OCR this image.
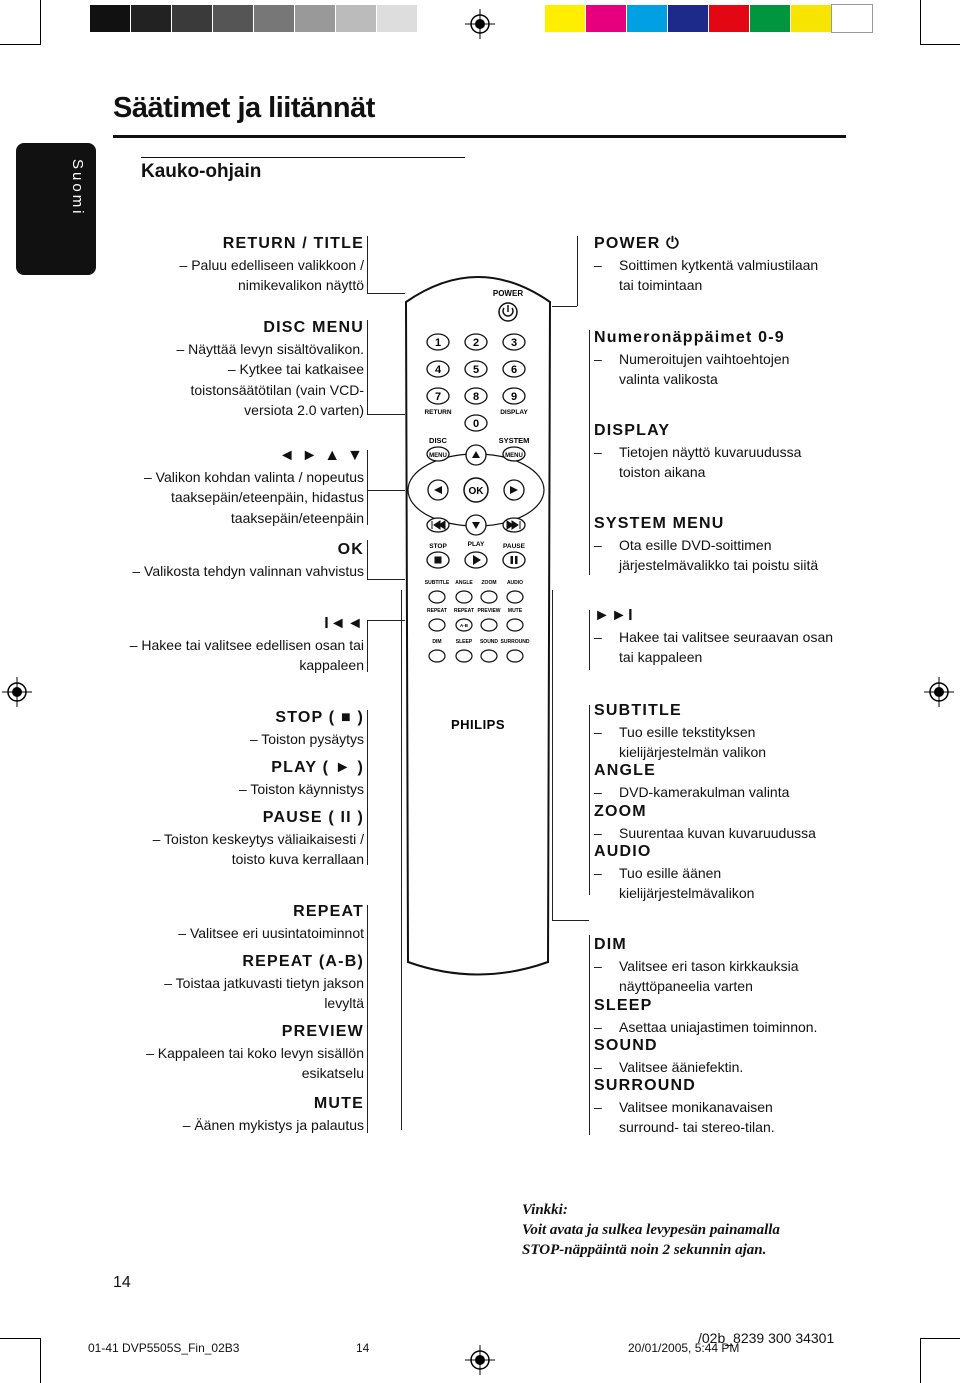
Säätimet ja liitännät
Suomi	Kauko-ohjain
RETURN / TITLE
– Paluu edelliseen valikkoon /
nimikevalikon näyttö
DISC MENU
– Näyttää levyn sisältövalikon.
– Kytkee tai katkaisee
toistonsäätötilan (vain VCD-
versiota 2.0 varten)
◄ ► ▲ ▼
– Valikon kohdan valinta / nopeutus
taaksepäin/eteenpäin, hidastus
taaksepäin/eteenpäin
OK
– Valikosta tehdyn valinnan vahvistus
I◄◄
– Hakee tai valitsee edellisen osan tai
kappaleen
STOP ( ■ )
– Toiston pysäytys
PLAY ( ► )
– Toiston käynnistys
PAUSE ( II )
– Toiston keskeytys väliaikaisesti /
toisto kuva kerrallaan
REPEAT
– Valitsee eri uusintatoiminnot
REPEAT (A-B)
– Toistaa jatkuvasti tietyn jakson
levyltä
PREVIEW
– Kappaleen tai koko levyn sisällön
esikatselu
MUTE
– Äänen mykistys ja palautus
POWER ⏻
– Soittimen kytkentä valmiustilaan
tai toimintaan
Numeronäppäimet 0-9
– Numeroitujen vaihtoehtojen
valinta valikosta
DISPLAY
– Tietojen näyttö kuvaruudussa
toiston aikana
SYSTEM MENU
– Ota esille DVD-soittimen
järjestelmävalikko tai poistu siitä
►►I
– Hakee tai valitsee seuraavan osan
tai kappaleen
SUBTITLE
– Tuo esille tekstityksen
kielijärjestelmän valikon
ANGLE
– DVD-kamerakulman valinta
ZOOM
– Suurentaa kuvan kuvaruudussa
AUDIO
– Tuo esille äänen
kielijärjestelmävalikon
DIM
– Valitsee eri tason kirkkauksia
näyttöpaneelia varten
SLEEP
– Asettaa uniajastimen toiminnon.
SOUND
– Valitsee ääniefektin.
SURROUND
– Valitsee monikanavaisen
surround- tai stereo-tilan.
POWER
1	2	3
4	5	6
7	8	9
0
RETURN	DISPLAY
DISC	SYSTEM
MENU	MENU
OK
STOP	PLAY	PAUSE
SUBTITLE ANGLE ZOOM AUDIO
REPEAT REPEAT
A-B
PREVIEW MUTE
DIM	SLEEP SOUND SURROUND
PHILIPS
Vinkki:
Voit avata ja sulkea levypesän painamalla
STOP-näppäintä noin 2 sekunnin ajan.
14
01-41 DVP5505S_Fin_02B3	14	20/01/2005, 5:44 PM
/02b_8239 300 34301
